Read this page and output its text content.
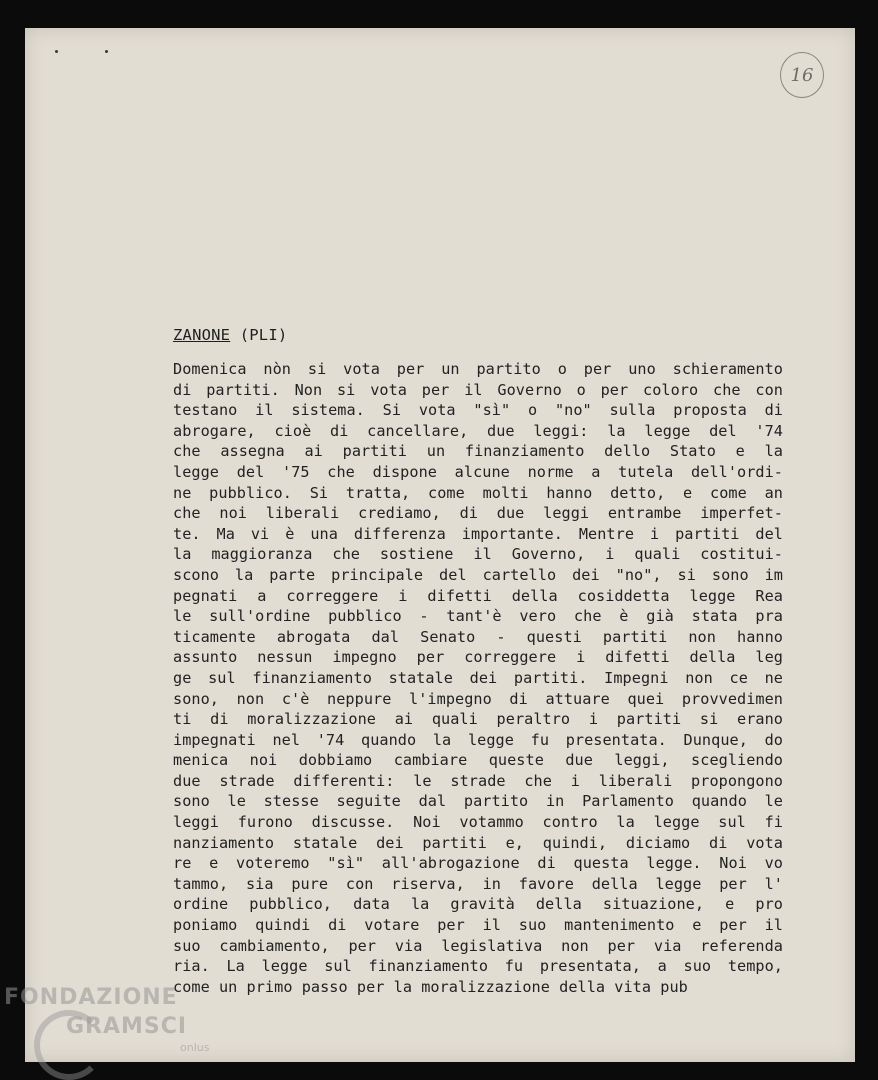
16
ZANONE (PLI)
Domenica nòn si vota per un partito o per uno schieramento
di partiti. Non si vota per il Governo o per coloro che con
testano il sistema. Si vota "sì" o "no" sulla proposta di
abrogare, cioè di cancellare, due leggi: la legge del '74
che assegna ai partiti un finanziamento dello Stato e la
legge del '75 che dispone alcune norme a tutela dell'ordi-
ne pubblico. Si tratta, come molti hanno detto, e come an
che noi liberali crediamo, di due leggi entrambe imperfet-
te. Ma vi è una differenza importante. Mentre i partiti del
la maggioranza che sostiene il Governo, i quali costitui-
scono la parte principale del cartello dei "no", si sono im
pegnati a correggere i difetti della cosiddetta legge Rea
le sull'ordine pubblico - tant'è vero che è già stata pra
ticamente abrogata dal Senato - questi partiti non hanno
assunto nessun impegno per correggere i difetti della leg
ge sul finanziamento statale dei partiti. Impegni non ce ne
sono, non c'è neppure l'impegno di attuare quei provvedimen
ti di moralizzazione ai quali peraltro i partiti si erano
impegnati nel '74 quando la legge fu presentata. Dunque, do
menica noi dobbiamo cambiare queste due leggi, scegliendo
due strade differenti: le strade che i liberali propongono
sono le stesse seguite dal partito in Parlamento quando le
leggi furono discusse. Noi votammo contro la legge sul fi
nanziamento statale dei partiti e, quindi, diciamo di vota
re e voteremo "sì" all'abrogazione di questa legge. Noi vo
tammo, sia pure con riserva, in favore della legge per l'
ordine pubblico, data la gravità della situazione, e pro
poniamo quindi di votare per il suo mantenimento e per il
suo cambiamento, per via legislativa non per via referenda
ria. La legge sul finanziamento fu presentata, a suo tempo,
come un primo passo per la moralizzazione della vita pub
FONDAZIONE
GRAMSCI
onlus
